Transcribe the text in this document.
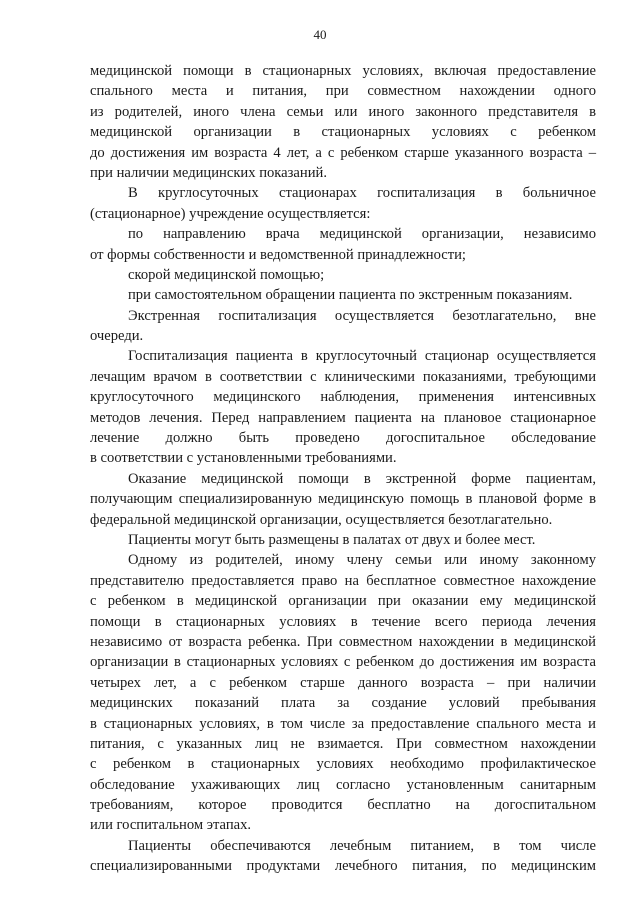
40
медицинской помощи в стационарных условиях, включая предоставление
спального места и питания, при совместном нахождении одного
из родителей, иного члена семьи или иного законного представителя в
медицинской организации в стационарных условиях с ребенком
до достижения им возраста 4 лет, а с ребенком старше указанного возраста –
при наличии медицинских показаний.
В круглосуточных стационарах госпитализация в больничное
(стационарное) учреждение осуществляется:
по направлению врача медицинской организации, независимо
от формы собственности и ведомственной принадлежности;
скорой медицинской помощью;
при самостоятельном обращении пациента по экстренным показаниям.
Экстренная госпитализация осуществляется безотлагательно, вне
очереди.
Госпитализация пациента в круглосуточный стационар осуществляется
лечащим врачом в соответствии с клиническими показаниями, требующими
круглосуточного медицинского наблюдения, применения интенсивных
методов лечения. Перед направлением пациента на плановое стационарное
лечение должно быть проведено догоспитальное обследование
в соответствии с установленными требованиями.
Оказание медицинской помощи в экстренной форме пациентам,
получающим специализированную медицинскую помощь в плановой форме в
федеральной медицинской организации, осуществляется безотлагательно.
Пациенты могут быть размещены в палатах от двух и более мест.
Одному из родителей, иному члену семьи или иному законному
представителю предоставляется право на бесплатное совместное нахождение
с ребенком в медицинской организации при оказании ему медицинской
помощи в стационарных условиях в течение всего периода лечения
независимо от возраста ребенка. При совместном нахождении в медицинской
организации в стационарных условиях с ребенком до достижения им возраста
четырех лет, а с ребенком старше данного возраста – при наличии
медицинских показаний плата за создание условий пребывания
в стационарных условиях, в том числе за предоставление спального места и
питания, с указанных лиц не взимается. При совместном нахождении
с ребенком в стационарных условиях необходимо профилактическое
обследование ухаживающих лиц согласно установленным санитарным
требованиям, которое проводится бесплатно на догоспитальном
или госпитальном этапах.
Пациенты обеспечиваются лечебным питанием, в том числе
специализированными продуктами лечебного питания, по медицинским
